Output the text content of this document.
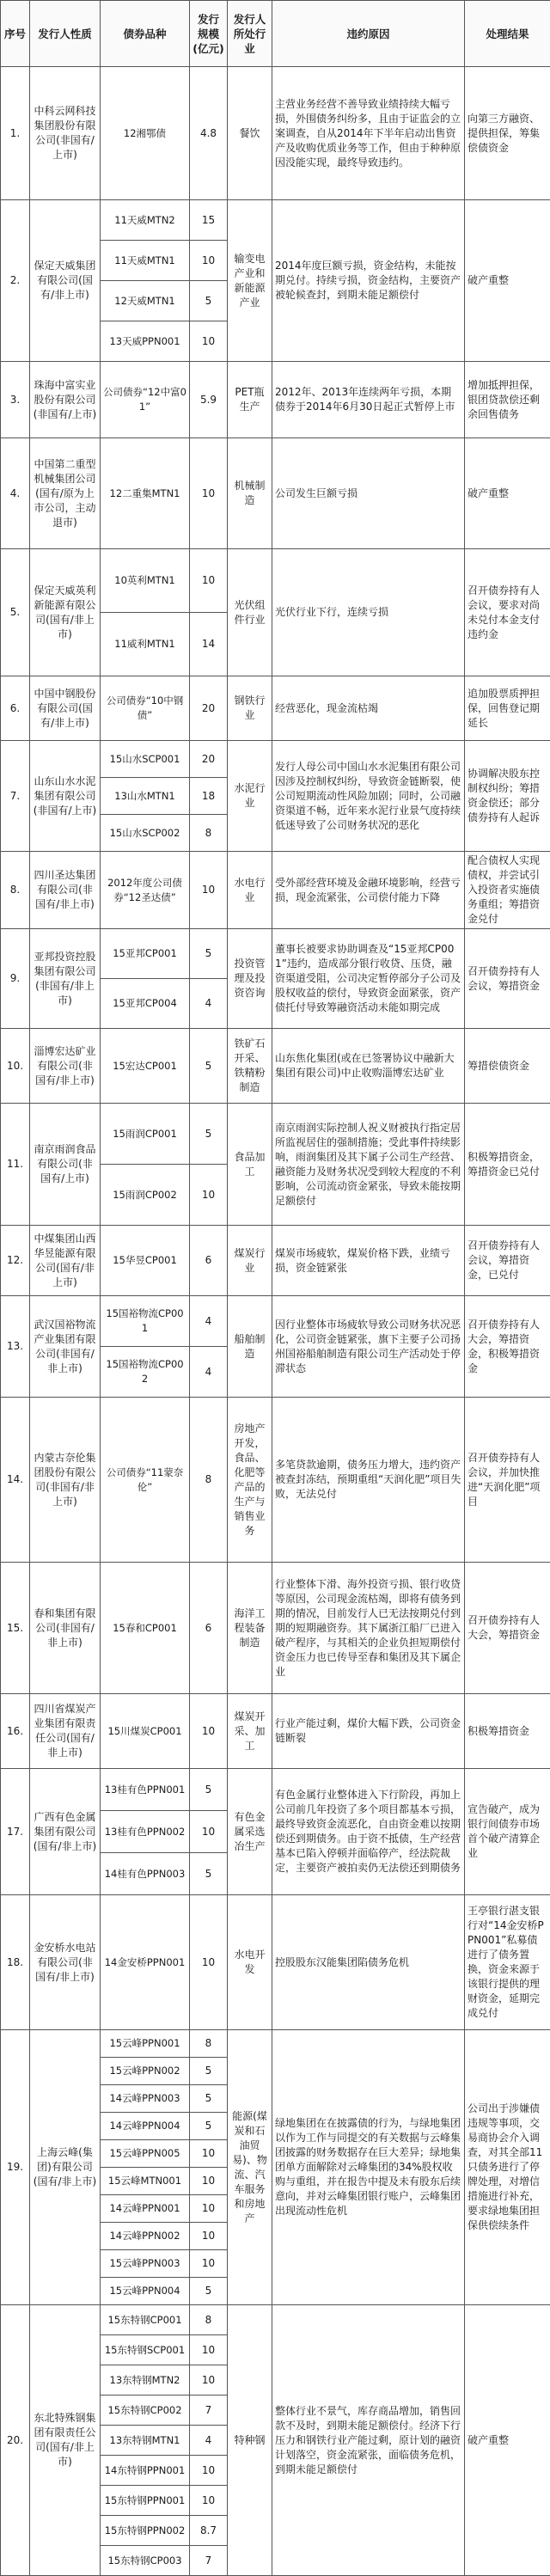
序号	发行人性质	债券品种	发行规模(亿元)	发行人所处行业	违约原因	处理结果
1.	中科云网科技集团股份有限公司(非国有/上市)	12湘鄂债	4.8	餐饮	主营业务经营不善导致业绩持续大幅亏损，外围债务纠纷多，且由于证监会的立案调查，自从2014年下半年启动出售资产及收购优质业务等工作，但由于种种原因没能实现，最终导致违约。	向第三方融资、提供担保，筹集偿债资金
2.	保定天威集团有限公司(国有/非上市)	11天威MTN2	15	输变电产业和新能源产业	2014年度巨额亏损，资金结构，未能按期兑付。持续亏损，资金结构，主要资产被轮候查封，到期未能足额偿付	破产重整
		11天威MTN1	10			
		12天威MTN1	5			
		13天威PPN001	10			
3.	珠海中富实业股份有限公司(非国有/上市)	公司债券“12中富01”	5.9	PET瓶生产	2012年、2013年连续两年亏损，本期债券于2014年6月30日起正式暂停上市	增加抵押担保，银团贷款偿还剩余回售债务
4.	中国第二重型机械集团公司(国有/原为上市公司，主动退市)	12二重集MTN1	10	机械制造	公司发生巨额亏损	破产重整
5.	保定天威英利新能源有限公司(国有/非上市)	10英利MTN1	10	光伏组件行业	光伏行业下行，连续亏损	召开债券持有人会议，要求对尚未兑付本金支付违约金
		11威利MTN1	14			
6.	中国中钢股份有限公司(国有/非上市)	公司债券“10中钢债”	20	钢铁行业	经营恶化，现金流枯竭	追加股票质押担保，回售登记期延长
7.	山东山水水泥集团有限公司(非国有/上市)	15山水SCP001	20	水泥行业	发行人母公司中国山水水泥集团有限公司因涉及控制权纠纷，导致资金链断裂，使公司短期流动性风险加剧；同时，公司融资渠道不畅，近年来水泥行业景气度持续低迷导致了公司财务状况的恶化	协调解决股东控制权纠纷；筹措资金偿还；部分债券持有人起诉
		13山水MTN1	18			
		15山水SCP002	8			
8.	四川圣达集团有限公司(非国有/非上市)	2012年度公司债券“12圣达债”	10	水电行业	受外部经营环境及金融环境影响，经营亏损，现金流紧张，公司偿付能力下降	配合债权人实现债权，并尝试引入投资者实施债务重组；筹措资金兑付
9.	亚邦投资控股集团有限公司(非国有/非上市)	15亚邦CP001	5	投资管理及投资咨询	董事长被要求协助调查及“15亚邦CP001”违约，造成部分银行收贷、压贷，融资渠道受阻，公司决定暂停部分子公司及股权收益的偿付，导致资金面紧张，资产债托付导致筹融资活动未能如期完成	召开债券持有人会议，筹措资金
		15亚邦CP004	4			
10.	淄博宏达矿业有限公司(非国有/非上市)	15宏达CP001	5	铁矿石开采、铁精粉制造	山东焦化集团(或在已签署协议中融新大集团有限公司)中止收购淄博宏达矿业	筹措偿债资金
11.	南京雨润食品有限公司(非国有/上市)	15雨润CP001	5	食品加工	南京雨润实际控制人祝义财被执行指定居所监视居住的强制措施；受此事件持续影响，雨润集团及其下属子公司生产经营、融资能力及财务状况受到较大程度的不利影响，公司流动资金紧张，导致未能按期足额偿付	积极筹措资金，筹措资金已兑付
		15雨润CP002	10			
12.	中煤集团山西华昱能源有限公司(国有/非上市)	15华昱CP001	6	煤炭行业	煤炭市场疲软，煤炭价格下跌，业绩亏损，资金链紧张	召开债券持有人会议，筹措资金，已兑付
13.	武汉国裕物流产业集团有限公司(非国有/非上市)	15国裕物流CP001	4	船舶制造	因行业整体市场疲软导致公司财务状况恶化，公司资金链紧张，旗下主要子公司扬州国裕船舶制造有限公司生产活动处于停滞状态	召开债券持有人大会，筹措资金，积极筹措资金
		15国裕物流CP002	4			
14.	内蒙古奈伦集团股份有限公司(非国有/非上市)	公司债券“11蒙奈伦”	8	房地产开发，食品、化肥等产品的生产与销售业务	多笔贷款逾期，债务压力增大，违约资产被查封冻结，预期重组“天润化肥”项目失败，无法兑付	召开债券持有人会议，并加快推进“天润化肥”项目
15.	春和集团有限公司(非国有/非上市)	15春和CP001	6	海洋工程装备制造	行业整体下滑、海外投资亏损、银行收贷等原因，公司现金流枯竭，即将有债务到期的情况，目前发行人已无法按期兑付到期的短期融资券。其下属浙江船厂已进入破产程序，与其相关的企业负担短期偿付资金压力也已传导至春和集团及其下属企业	召开债券持有人大会，筹措资金
16.	四川省煤炭产业集团有限责任公司(国有/非上市)	15川煤炭CP001	10	煤炭开采、加工	行业产能过剩，煤价大幅下跌，公司资金链断裂	积极筹措资金
17.	广西有色金属集团有限公司(国有/非上市)	13桂有色PPN001	5	有色金属采选冶生产	有色金属行业整体进入下行阶段，再加上公司前几年投资了多个项目都基本亏损，最终导致资金流恶化，自由资金难以按期偿还到期债务。由于资不抵债，生产经营基本已陷入停顿并面临停产，经法院裁定，主要资产被拍卖仍无法偿还到期债务	宣告破产，成为银行间债券市场首个破产清算企业
		13桂有色PPN002	10			
		14桂有色PPN003	5			
18.	金安桥水电站有限公司(非国有/非上市)	14金安桥PPN001	10	水电开发	控股股东汉能集团陷债务危机	王亭银行湛支银行对“14金安桥PPN001”私募债进行了债务置换，资金来源于该银行提供的理财资金，延期完成兑付
19.	上海云峰(集团)有限公司(国有/非上市)	15云峰PPN001	8	能源(煤炭和石油贸易)、物流、汽车服务和房地产	绿地集团在在披露债的行为，与绿地集团以作为工作与同提交的有关数据与云峰集团披露的财务数据存在巨大差异；绿地集团单方面解除对云峰集团的34%股权收购与重组，并在报告中提及未有股东后续意向，并对云峰集团银行账户，云峰集团出现流动性危机	公司出于涉嫌债违规等事项，交易商协会介入调查，对其全部11只债务进行了停牌处理，对增信措施进行补充，要求绿地集团担保供偿续条件
		15云峰PPN002	5			
		14云峰PPN003	5			
		14云峰PPN004	5			
		15云峰PPN005	10			
		15云峰MTN001	10			
		14云峰PPN001	10			
		14云峰PPN002	10			
		15云峰PPN003	10			
		15云峰PPN004	5			
20.	东北特殊钢集团有限责任公司(国有/非上市)	15东特钢CP001	8	特种钢	整体行业不景气，库存商品增加，销售回款不及时，到期未能足额偿付。经济下行压力和钢铁行业产能过剩，原计划的融资计划落空，资金流紧张，面临债务危机，到期未能足额偿付	破产重整
		15东特钢SCP001	10			
		13东特钢MTN2	10			
		15东特钢CP002	7			
		13东特钢MTN1	4			
		14东特钢PPN001	10			
		15东特钢PPN001	10			
		15东特钢PPN002	8.7			
		15东特钢CP003	7			
